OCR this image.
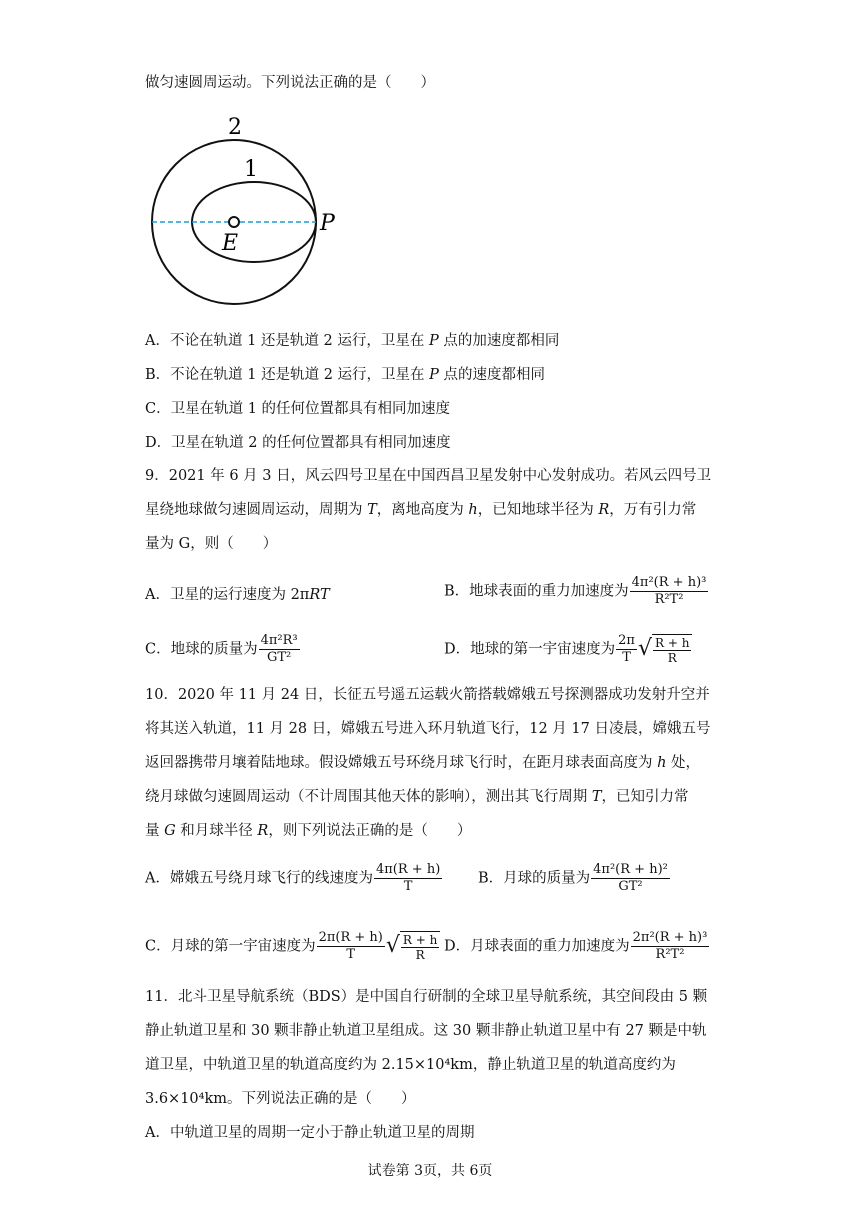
做匀速圆周运动。下列说法正确的是（　　）
2
1
E
P
A．不论在轨道 1 还是轨道 2 运行，卫星在 P 点的加速度都相同
B．不论在轨道 1 还是轨道 2 运行，卫星在 P 点的速度都相同
C．卫星在轨道 1 的任何位置都具有相同加速度
D．卫星在轨道 2 的任何位置都具有相同加速度
9．2021 年 6 月 3 日，风云四号卫星在中国西昌卫星发射中心发射成功。若风云四号卫
星绕地球做匀速圆周运动，周期为 T，离地高度为 h，已知地球半径为 R，万有引力常
量为 G，则（　　）
A．卫星的运行速度为 2πRT	B．地球表面的重力加速度为 $\frac{\text{4π²(R + h)³}}{\text{R²T²}}$
C．地球的质量为 $\frac{\text{4π²R³}}{\text{GT²}}$	D．地球的第一宇宙速度为 $\frac{2\pi}{T}$ √ $\frac{R + h}{R}$
10．2020 年 11 月 24 日，长征五号遥五运载火箭搭载嫦娥五号探测器成功发射升空并
将其送入轨道，11 月 28 日，嫦娥五号进入环月轨道飞行，12 月 17 日凌晨，嫦娥五号
返回器携带月壤着陆地球。假设嫦娥五号环绕月球飞行时，在距月球表面高度为 h 处，
绕月球做匀速圆周运动（不计周围其他天体的影响），测出其飞行周期 T，已知引力常
量 G 和月球半径 R，则下列说法正确的是（　　）
A．嫦娥五号绕月球飞行的线速度为 $\frac{4\pi(R + h)}{T}$ B．月球的质量为 $\frac{\text{4π²(R + h)²}}{\text{GT²}}$
C．月球的第一宇宙速度为 $\frac{2\pi(R + h)}{T}$ √ $\frac{R + h}{R}$ D．月球表面的重力加速度为 $\frac{\text{2π²(R + h)³}}{\text{R²T²}}$
11．北斗卫星导航系统（BDS）是中国自行研制的全球卫星导航系统，其空间段由 5 颗
静止轨道卫星和 30 颗非静止轨道卫星组成。这 30 颗非静止轨道卫星中有 27 颗是中轨
道卫星，中轨道卫星的轨道高度约为 2.15×10⁴km，静止轨道卫星的轨道高度约为
3.6×10⁴km。下列说法正确的是（　　）
A．中轨道卫星的周期一定小于静止轨道卫星的周期
试卷第 3页，共 6页
